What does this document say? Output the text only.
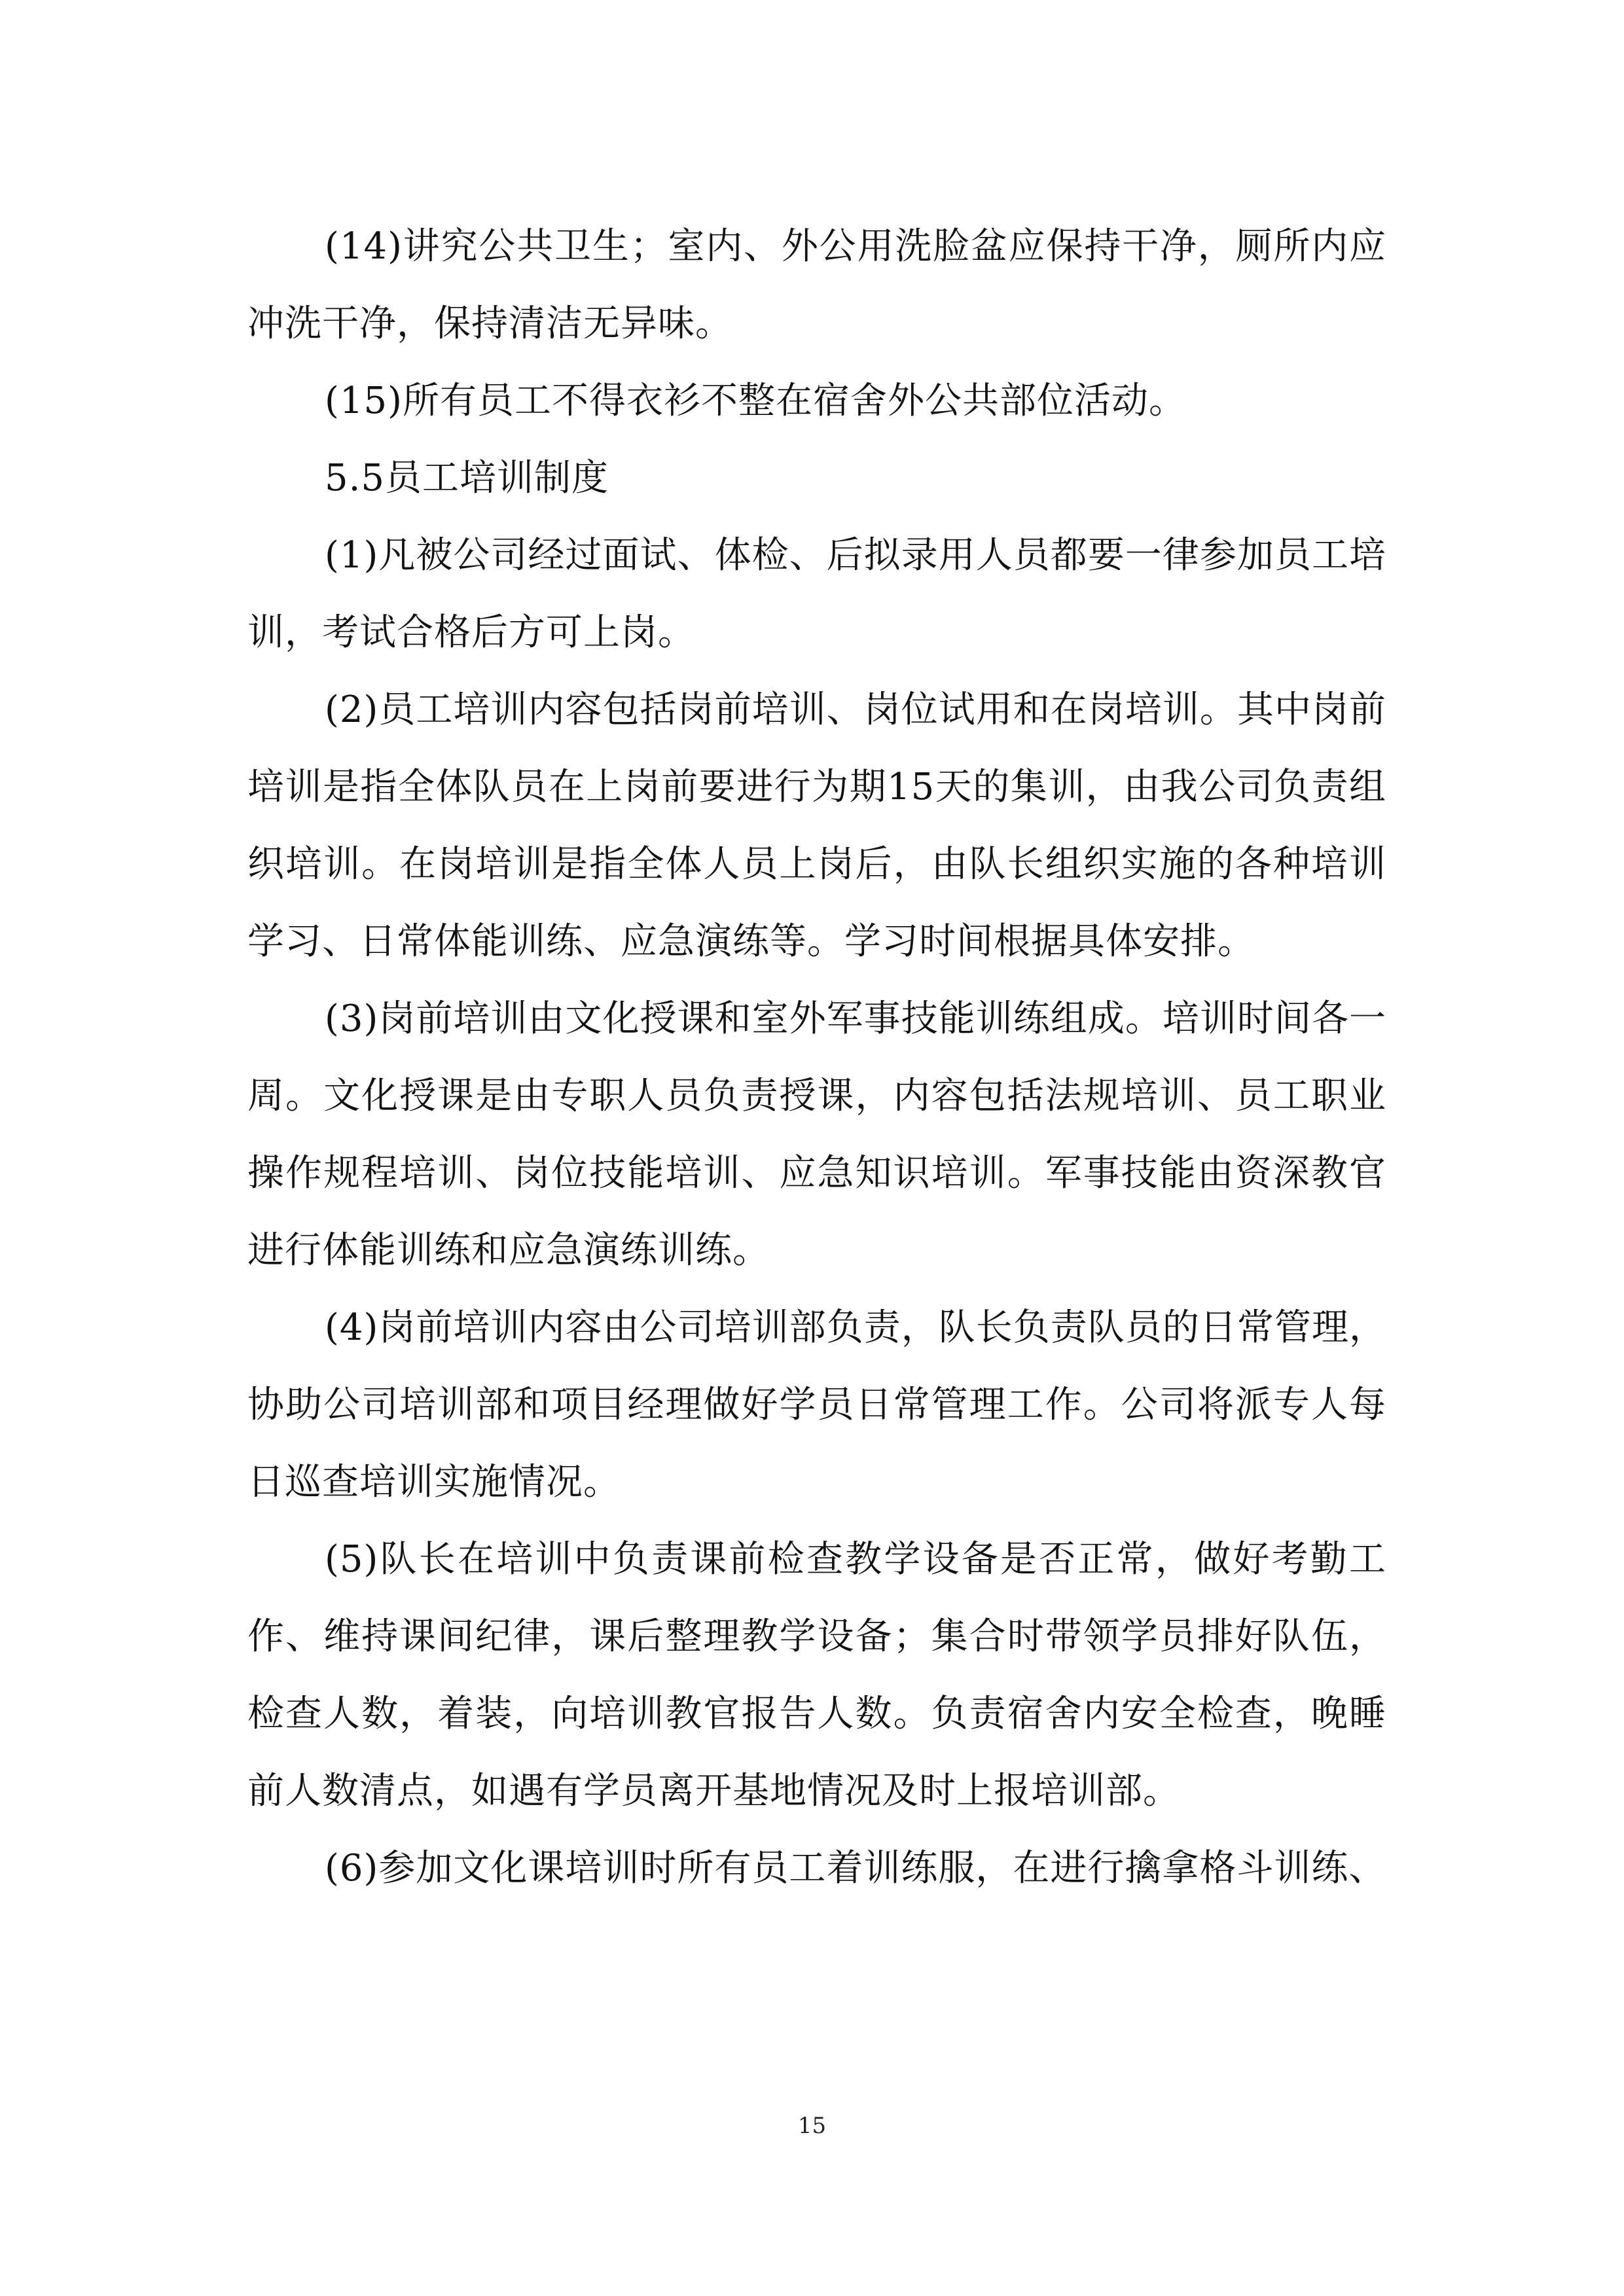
(14)讲究公共卫生；室内、外公用洗脸盆应保持干净，厕所内应冲洗干净，保持清洁无异味。

(15)所有员工不得衣衫不整在宿舍外公共部位活动。

5.5员工培训制度

(1)凡被公司经过面试、体检、后拟录用人员都要一律参加员工培训，考试合格后方可上岗。

(2)员工培训内容包括岗前培训、岗位试用和在岗培训。其中岗前培训是指全体队员在上岗前要进行为期15天的集训，由我公司负责组织培训。在岗培训是指全体人员上岗后，由队长组织实施的各种培训学习、日常体能训练、应急演练等。学习时间根据具体安排。

(3)岗前培训由文化授课和室外军事技能训练组成。培训时间各一周。文化授课是由专职人员负责授课，内容包括法规培训、员工职业操作规程培训、岗位技能培训、应急知识培训。军事技能由资深教官进行体能训练和应急演练训练。

(4)岗前培训内容由公司培训部负责，队长负责队员的日常管理，协助公司培训部和项目经理做好学员日常管理工作。公司将派专人每日巡查培训实施情况。

(5)队长在培训中负责课前检查教学设备是否正常，做好考勤工作、维持课间纪律，课后整理教学设备；集合时带领学员排好队伍，检查人数，着装，向培训教官报告人数。负责宿舍内安全检查，晚睡前人数清点，如遇有学员离开基地情况及时上报培训部。

(6)参加文化课培训时所有员工着训练服，在进行擒拿格斗训练、

15
